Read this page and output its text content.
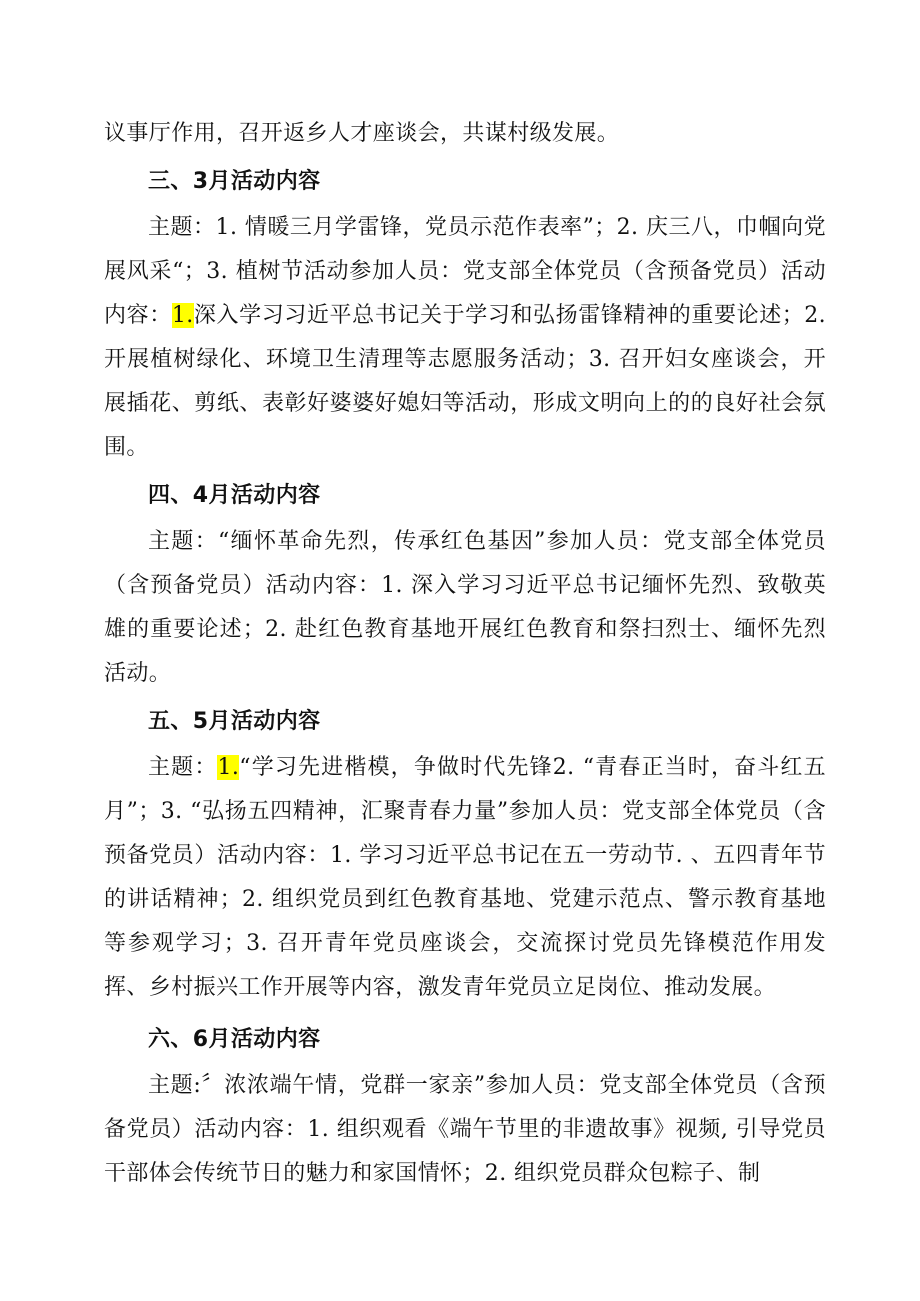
议事厅作用，召开返乡人才座谈会，共谋村级发展。

三、3月活动内容

主题：1. 情暖三月学雷锋，党员示范作表率”；2. 庆三八，巾帼向党展风采“；3. 植树节活动参加人员：党支部全体党员（含预备党员）活动内容：1.深入学习习近平总书记关于学习和弘扬雷锋精神的重要论述；2. 开展植树绿化、环境卫生清理等志愿服务活动；3. 召开妇女座谈会，开展插花、剪纸、表彰好婆婆好媳妇等活动，形成文明向上的的良好社会氛围。

四、4月活动内容

主题：“缅怀革命先烈，传承红色基因”参加人员：党支部全体党员（含预备党员）活动内容：1. 深入学习习近平总书记缅怀先烈、致敬英雄的重要论述；2. 赴红色教育基地开展红色教育和祭扫烈士、缅怀先烈活动。

五、5月活动内容

主题：1.“学习先进楷模，争做时代先锋2. “青春正当时，奋斗红五月”；3. “弘扬五四精神，汇聚青春力量”参加人员：党支部全体党员（含预备党员）活动内容：1. 学习习近平总书记在五一劳动节. 、五四青年节的讲话精神；2. 组织党员到红色教育基地、党建示范点、警示教育基地等参观学习；3. 召开青年党员座谈会，交流探讨党员先锋模范作用发挥、乡村振兴工作开展等内容，激发青年党员立足岗位、推动发展。

六、6月活动内容

主题:〞浓浓端午情，党群一家亲”参加人员：党支部全体党员（含预备党员）活动内容：1. 组织观看《端午节里的非遗故事》视频, 引导党员干部体会传统节日的魅力和家国情怀；2. 组织党员群众包粽子、制
